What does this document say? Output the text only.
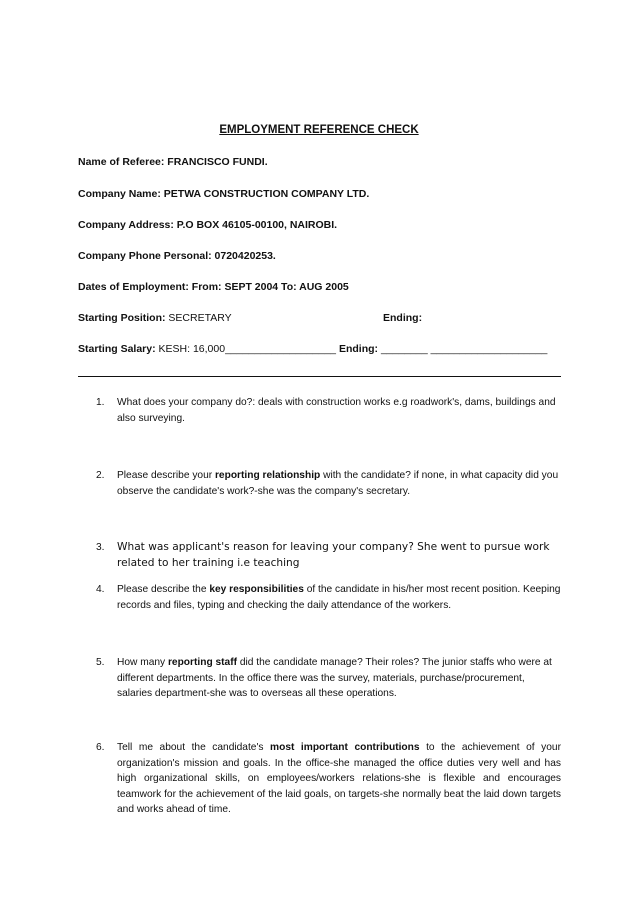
EMPLOYMENT REFERENCE CHECK
Name of Referee: FRANCISCO FUNDI.
Company Name: PETWA CONSTRUCTION COMPANY LTD.
Company Address: P.O BOX 46105-00100, NAIROBI.
Company Phone Personal: 0720420253.
Dates of Employment: From: SEPT 2004 To: AUG 2005
Starting Position: SECRETARY	Ending:
Starting Salary: KESH: 16,000___________________ Ending: ________ ____________________
1. What does your company do?: deals with construction works e.g roadwork's, dams, buildings and also surveying.
2. Please describe your reporting relationship with the candidate? if none, in what capacity did you observe the candidate's work?-she was the company's secretary.
3. What was applicant's reason for leaving your company? She went to pursue work related to her training i.e teaching
4. Please describe the key responsibilities of the candidate in his/her most recent position. Keeping records and files, typing and checking the daily attendance of the workers.
5. How many reporting staff did the candidate manage? Their roles? The junior staffs who were at different departments. In the office there was the survey, materials, purchase/procurement, salaries department-she was to overseas all these operations.
6. Tell me about the candidate's most important contributions to the achievement of your organization's mission and goals. In the office-she managed the office duties very well and has high organizational skills, on employees/workers relations-she is flexible and encourages teamwork for the achievement of the laid goals, on targets-she normally beat the laid down targets and works ahead of time.
